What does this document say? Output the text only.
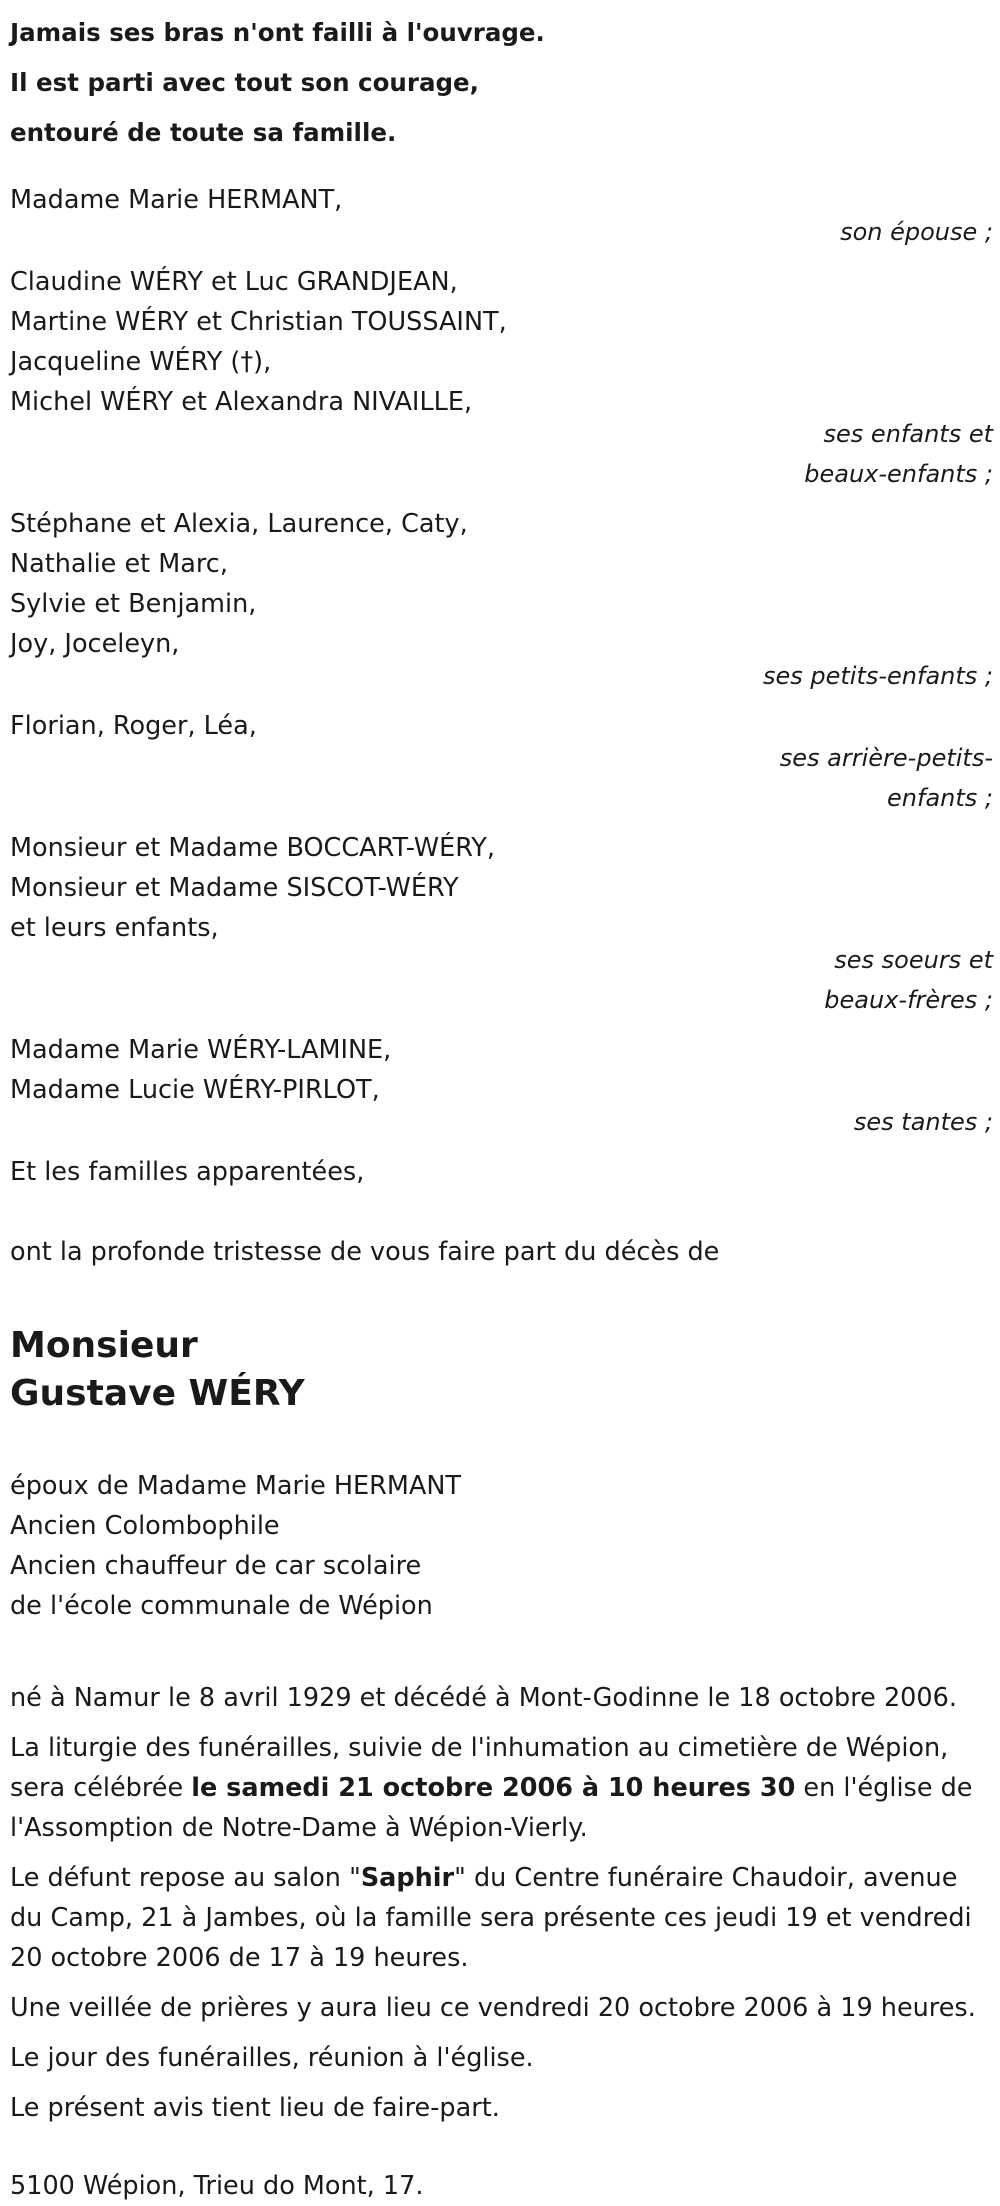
Jamais ses bras n'ont failli à l'ouvrage.
Il est parti avec tout son courage,
entouré de toute sa famille.
Madame Marie HERMANT,
son épouse ;
Claudine WÉRY et Luc GRANDJEAN,
Martine WÉRY et Christian TOUSSAINT,
Jacqueline WÉRY (†),
Michel WÉRY et Alexandra NIVAILLE,
ses enfants et
beaux-enfants ;
Stéphane et Alexia, Laurence, Caty,
Nathalie et Marc,
Sylvie et Benjamin,
Joy, Joceleyn,
ses petits-enfants ;
Florian, Roger, Léa,
ses arrière-petits-
enfants ;
Monsieur et Madame BOCCART-WÉRY,
Monsieur et Madame SISCOT-WÉRY
et leurs enfants,
ses soeurs et
beaux-frères ;
Madame Marie WÉRY-LAMINE,
Madame Lucie WÉRY-PIRLOT,
ses tantes ;
Et les familles apparentées,
ont la profonde tristesse de vous faire part du décès de
Monsieur
Gustave WÉRY
époux de Madame Marie HERMANT
Ancien Colombophile
Ancien chauffeur de car scolaire
de l'école communale de Wépion
né à Namur le 8 avril 1929 et décédé à Mont-Godinne le 18 octobre 2006.
La liturgie des funérailles, suivie de l'inhumation au cimetière de Wépion, sera célébrée le samedi 21 octobre 2006 à 10 heures 30 en l'église de l'Assomption de Notre-Dame à Wépion-Vierly.
Le défunt repose au salon "Saphir" du Centre funéraire Chaudoir, avenue du Camp, 21 à Jambes, où la famille sera présente ces jeudi 19 et vendredi 20 octobre 2006 de 17 à 19 heures.
Une veillée de prières y aura lieu ce vendredi 20 octobre 2006 à 19 heures.
Le jour des funérailles, réunion à l'église.
Le présent avis tient lieu de faire-part.
5100 Wépion, Trieu do Mont, 17.
